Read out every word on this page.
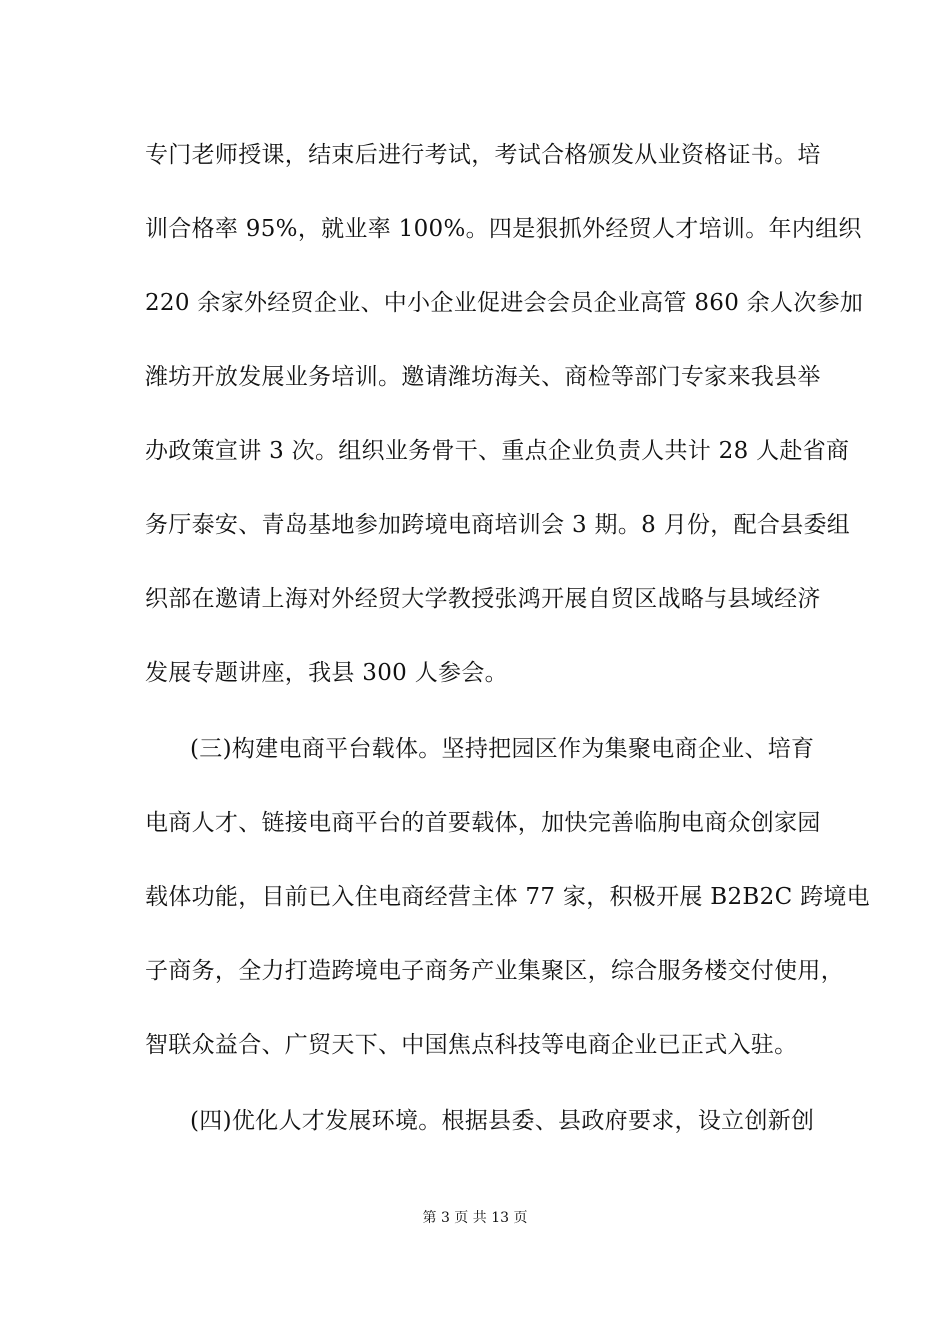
专门老师授课，结束后进行考试，考试合格颁发从业资格证书。培
训合格率 95%，就业率 100%。四是狠抓外经贸人才培训。年内组织
220 余家外经贸企业、中小企业促进会会员企业高管 860 余人次参加
潍坊开放发展业务培训。邀请潍坊海关、商检等部门专家来我县举
办政策宣讲 3 次。组织业务骨干、重点企业负责人共计 28 人赴省商
务厅泰安、青岛基地参加跨境电商培训会 3 期。8 月份，配合县委组
织部在邀请上海对外经贸大学教授张鸿开展自贸区战略与县域经济
发展专题讲座，我县 300 人参会。
(三)构建电商平台载体。坚持把园区作为集聚电商企业、培育
电商人才、链接电商平台的首要载体，加快完善临朐电商众创家园
载体功能，目前已入住电商经营主体 77 家，积极开展 B2B2C 跨境电
子商务，全力打造跨境电子商务产业集聚区，综合服务楼交付使用，
智联众益合、广贸天下、中国焦点科技等电商企业已正式入驻。
(四)优化人才发展环境。根据县委、县政府要求，设立创新创
第 3 页 共 13 页
